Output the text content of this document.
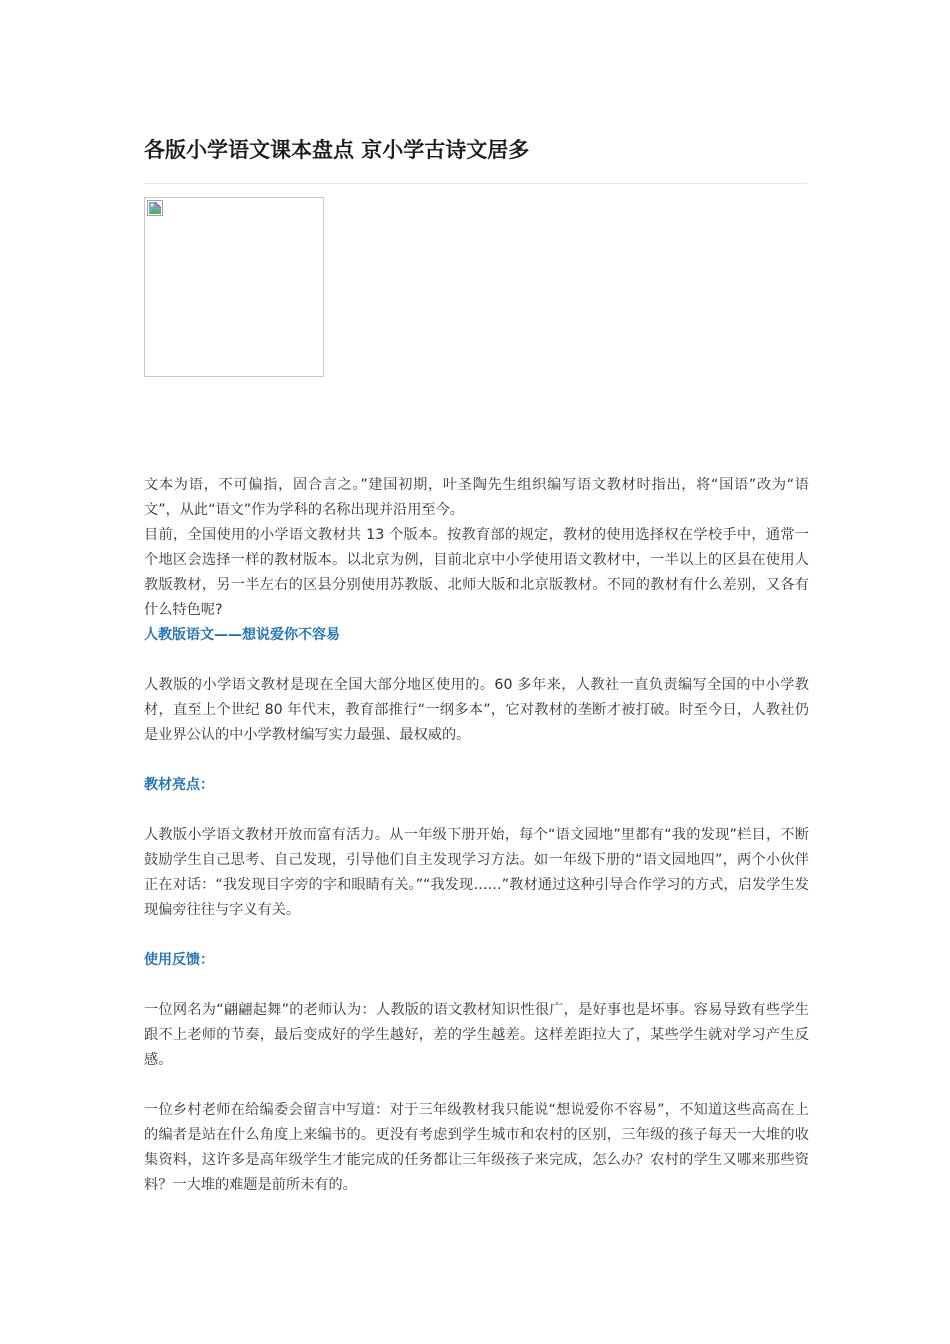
各版小学语文课本盘点 京小学古诗文居多

文本为语，不可偏指，固合言之。”建国初期，叶圣陶先生组织编写语文教材时指出，将“国语”改为“语文”，从此“语文”作为学科的名称出现并沿用至今。

目前，全国使用的小学语文教材共 13 个版本。按教育部的规定，教材的使用选择权在学校手中，通常一个地区会选择一样的教材版本。以北京为例，目前北京中小学使用语文教材中，一半以上的区县在使用人教版教材，另一半左右的区县分别使用苏教版、北师大版和北京版教材。不同的教材有什么差别，又各有什么特色呢?

人教版语文——想说爱你不容易

人教版的小学语文教材是现在全国大部分地区使用的。60 多年来，人教社一直负责编写全国的中小学教材，直至上个世纪 80 年代末，教育部推行“一纲多本”，它对教材的垄断才被打破。时至今日，人教社仍是业界公认的中小学教材编写实力最强、最权威的。

教材亮点：

人教版小学语文教材开放而富有活力。从一年级下册开始，每个“语文园地”里都有“我的发现”栏目，不断鼓励学生自己思考、自己发现，引导他们自主发现学习方法。如一年级下册的“语文园地四”，两个小伙伴正在对话：“我发现目字旁的字和眼睛有关。”“我发现……”教材通过这种引导合作学习的方式，启发学生发现偏旁往往与字义有关。

使用反馈：

一位网名为“翩翩起舞”的老师认为：人教版的语文教材知识性很广，是好事也是坏事。容易导致有些学生跟不上老师的节奏，最后变成好的学生越好，差的学生越差。这样差距拉大了，某些学生就对学习产生反感。

一位乡村老师在给编委会留言中写道：对于三年级教材我只能说“想说爱你不容易”，不知道这些高高在上的编者是站在什么角度上来编书的。更没有考虑到学生城市和农村的区别，三年级的孩子每天一大堆的收集资料，这许多是高年级学生才能完成的任务都让三年级孩子来完成，怎么办？农村的学生又哪来那些资料？一大堆的难题是前所未有的。
